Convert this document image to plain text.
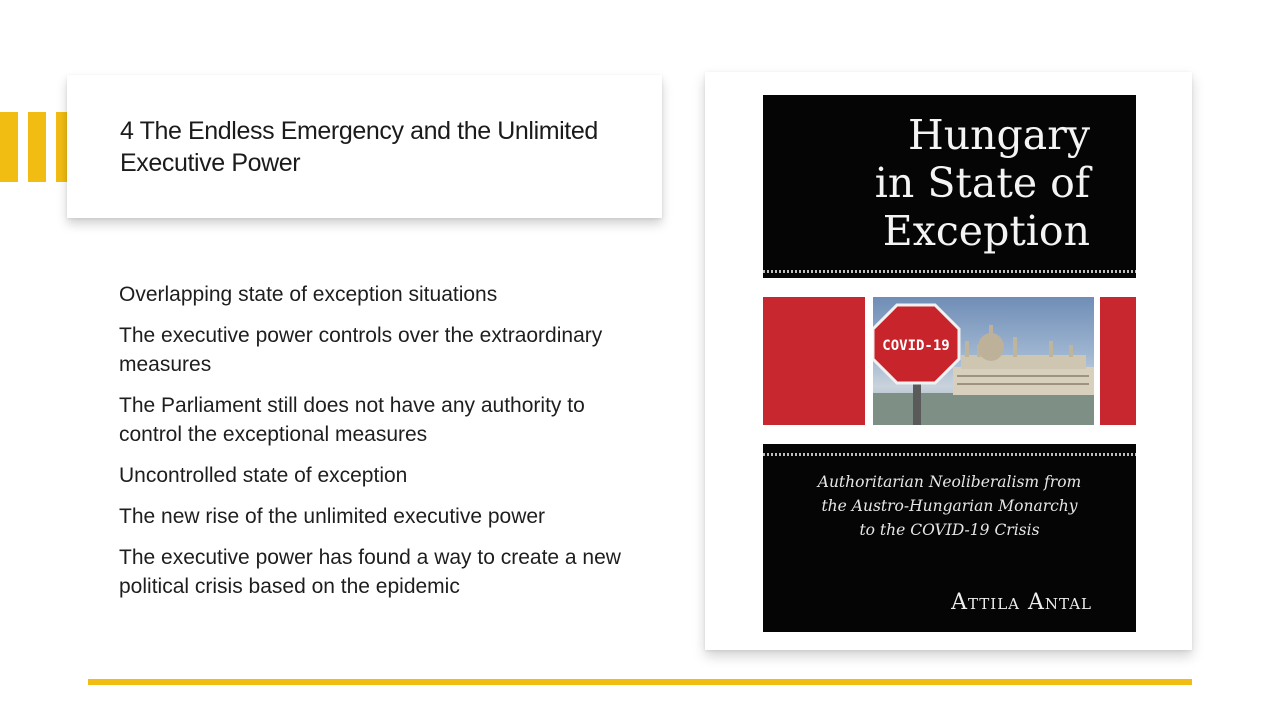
4 The Endless Emergency and the Unlimited Executive Power
Overlapping state of exception situations
The executive power controls over the extraordinary measures
The Parliament still does not have any authority to control the exceptional measures
Uncontrolled state of exception
The new rise of the unlimited executive power
The executive power has found a way to create a new political crisis based on the epidemic
Hungary
in State of
Exception
COVID-19
Authoritarian Neoliberalism from
the Austro-Hungarian Monarchy
to the COVID-19 Crisis
Attila Antal
